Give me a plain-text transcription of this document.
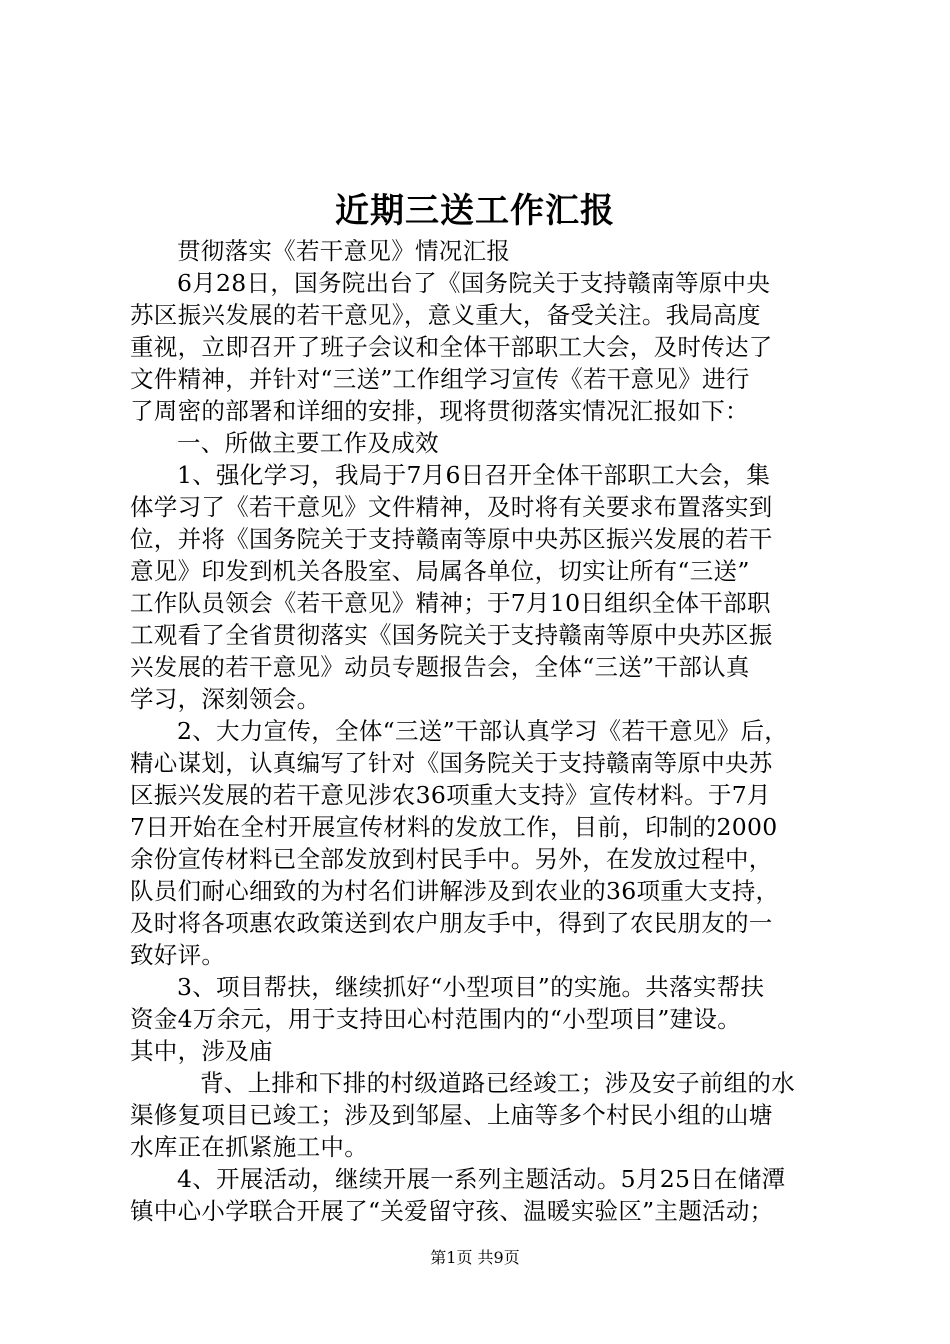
近期三送工作汇报
贯彻落实《若干意见》情况汇报
6月28日，国务院出台了《国务院关于支持赣南等原中央
苏区振兴发展的若干意见》，意义重大，备受关注。我局高度
重视，立即召开了班子会议和全体干部职工大会，及时传达了
文件精神，并针对“三送”工作组学习宣传《若干意见》进行
了周密的部署和详细的安排，现将贯彻落实情况汇报如下：
一、所做主要工作及成效
1、强化学习，我局于7月6日召开全体干部职工大会，集
体学习了《若干意见》文件精神，及时将有关要求布置落实到
位，并将《国务院关于支持赣南等原中央苏区振兴发展的若干
意见》印发到机关各股室、局属各单位，切实让所有“三送”
工作队员领会《若干意见》精神；于7月10日组织全体干部职
工观看了全省贯彻落实《国务院关于支持赣南等原中央苏区振
兴发展的若干意见》动员专题报告会，全体“三送”干部认真
学习，深刻领会。
2、大力宣传，全体“三送”干部认真学习《若干意见》后，
精心谋划，认真编写了针对《国务院关于支持赣南等原中央苏
区振兴发展的若干意见涉农36项重大支持》宣传材料。于7月
7日开始在全村开展宣传材料的发放工作，目前，印制的2000
余份宣传材料已全部发放到村民手中。另外，在发放过程中，
队员们耐心细致的为村名们讲解涉及到农业的36项重大支持，
及时将各项惠农政策送到农户朋友手中，得到了农民朋友的一
致好评。
3、项目帮扶，继续抓好“小型项目”的实施。共落实帮扶
资金4万余元，用于支持田心村范围内的“小型项目”建设。
其中，涉及庙
背、上排和下排的村级道路已经竣工；涉及安子前组的水
渠修复项目已竣工；涉及到邹屋、上庙等多个村民小组的山塘
水库正在抓紧施工中。
4、开展活动，继续开展一系列主题活动。5月25日在储潭
镇中心小学联合开展了“关爱留守孩、温暖实验区”主题活动；
第1页 共9页
